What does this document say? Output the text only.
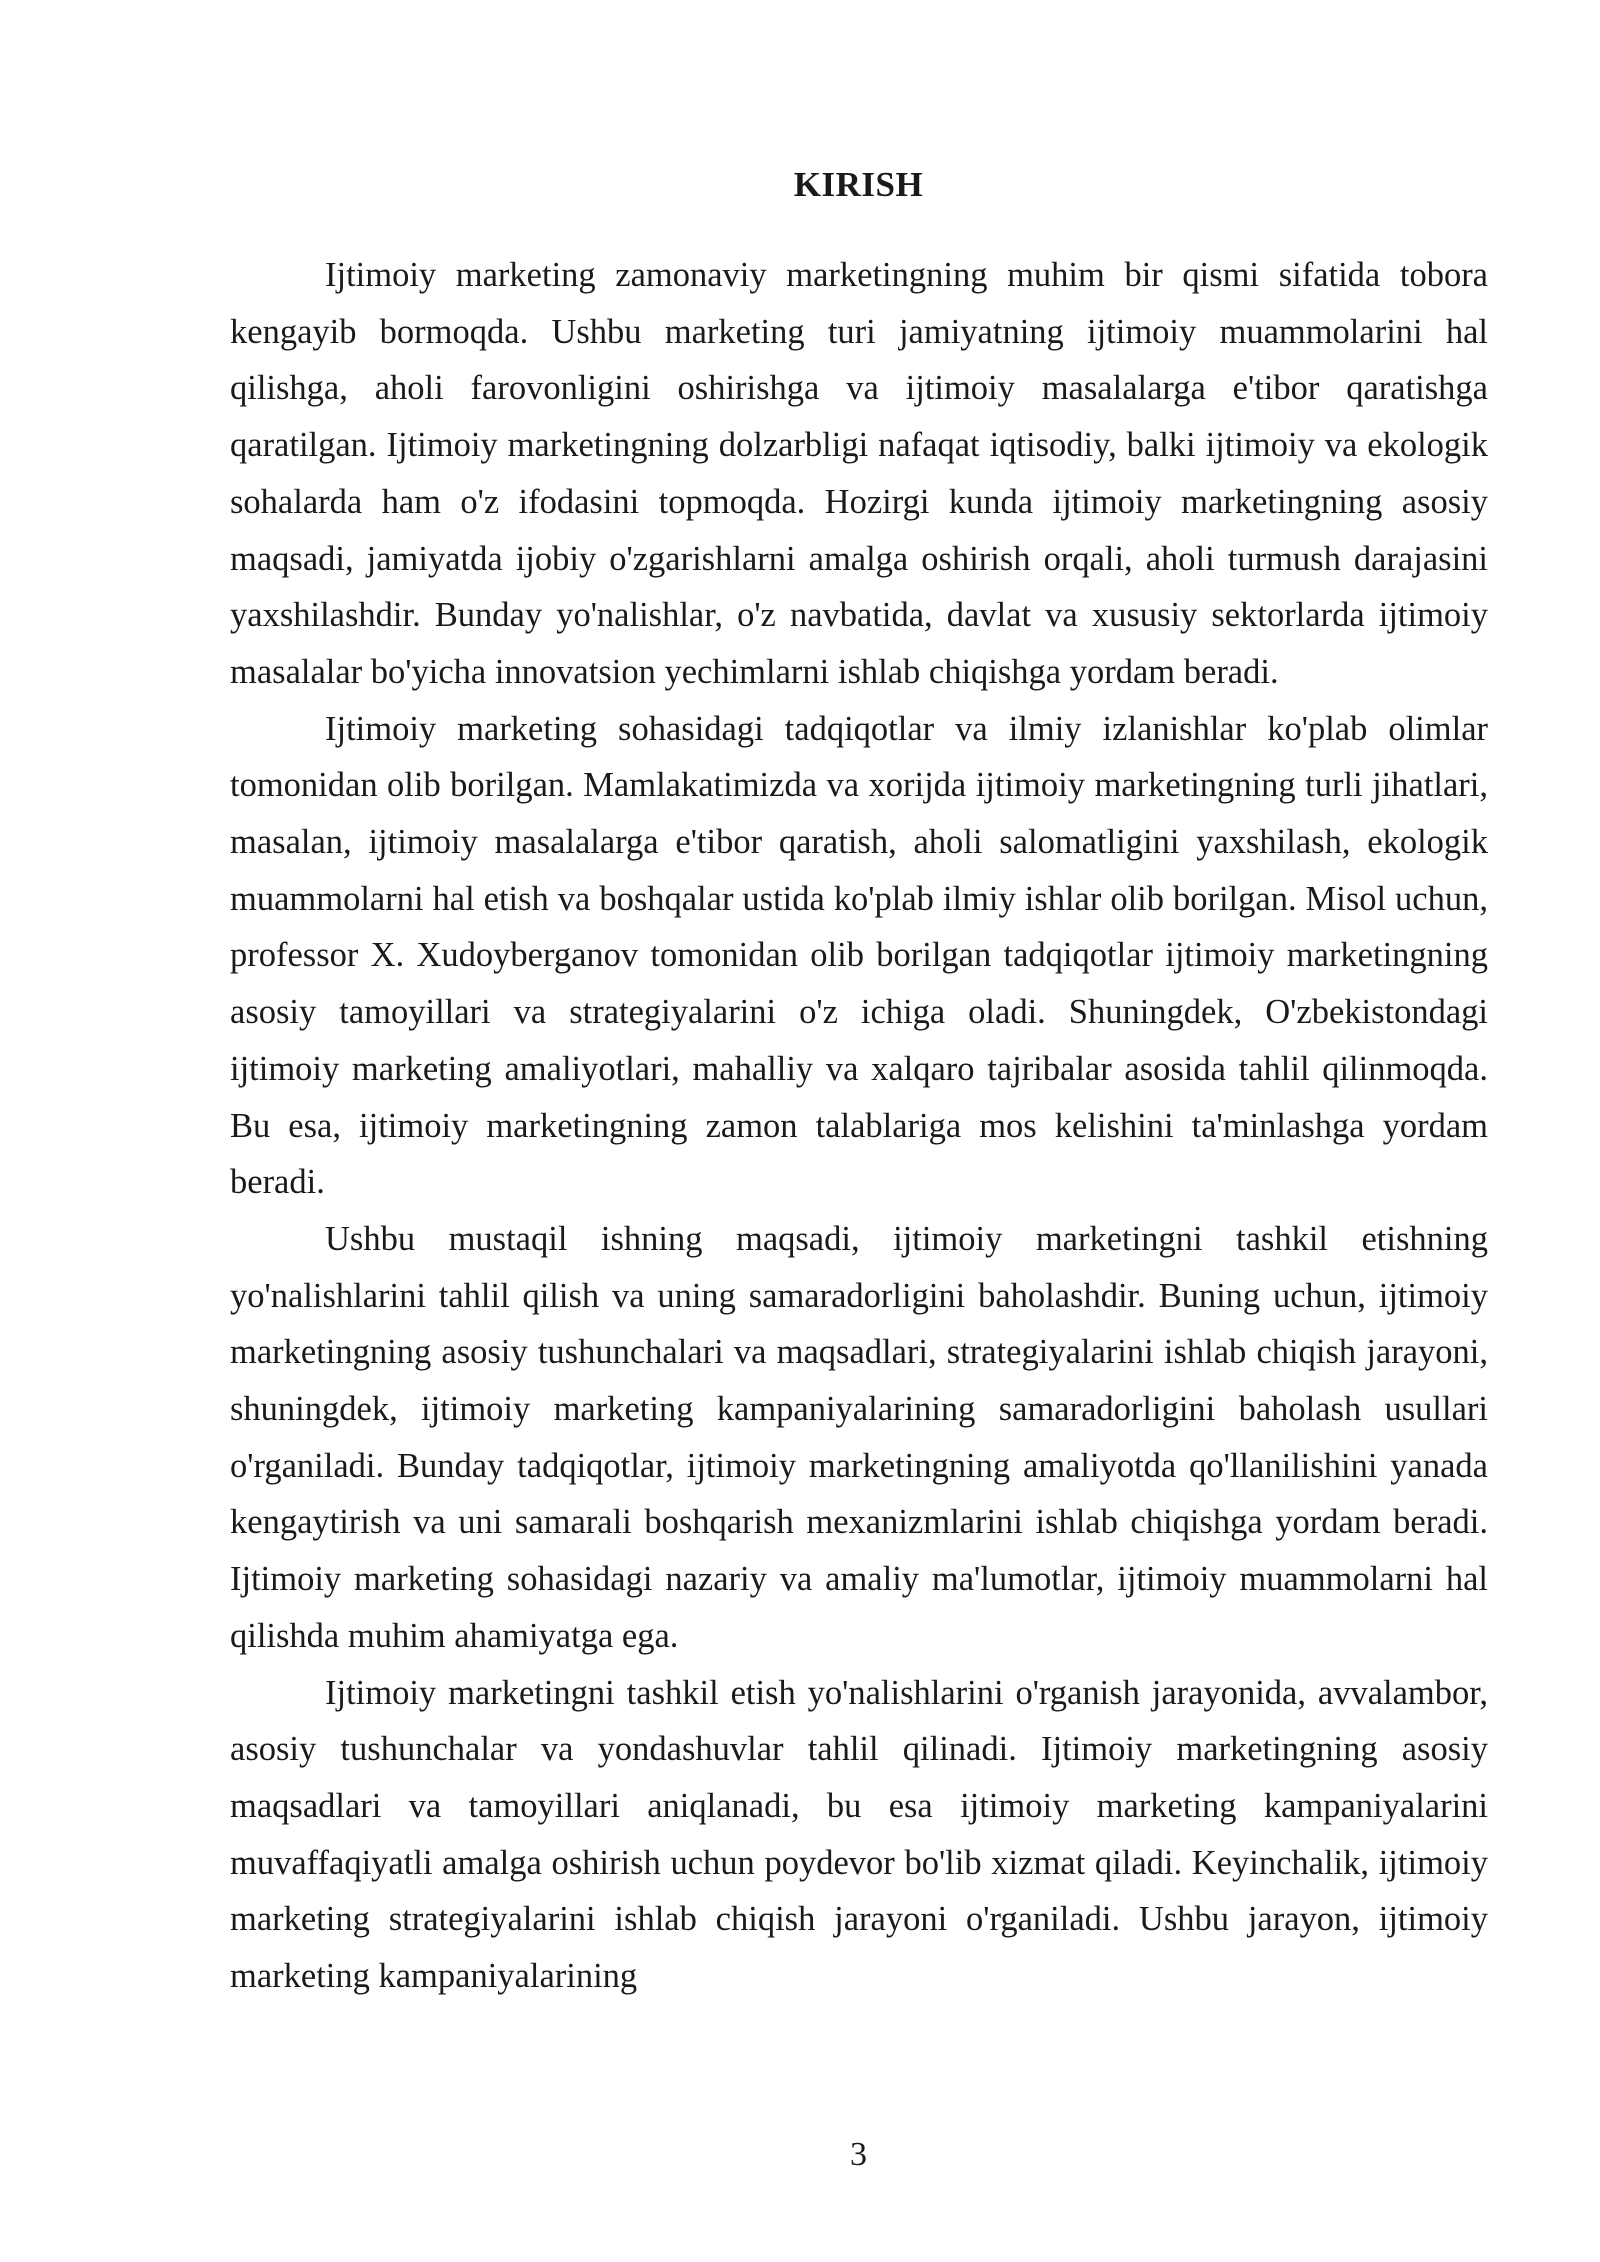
KIRISH

Ijtimoiy marketing zamonaviy marketingning muhim bir qismi sifatida tobora kengayib bormoqda. Ushbu marketing turi jamiyatning ijtimoiy muammolarini hal qilishga, aholi farovonligini oshirishga va ijtimoiy masalalarga e'tibor qaratishga qaratilgan. Ijtimoiy marketingning dolzarbligi nafaqat iqtisodiy, balki ijtimoiy va ekologik sohalarda ham o'z ifodasini topmoqda. Hozirgi kunda ijtimoiy marketingning asosiy maqsadi, jamiyatda ijobiy o'zgarishlarni amalga oshirish orqali, aholi turmush darajasini yaxshilashdir. Bunday yo'nalishlar, o'z navbatida, davlat va xususiy sektorlarda ijtimoiy masalalar bo'yicha innovatsion yechimlarni ishlab chiqishga yordam beradi.

Ijtimoiy marketing sohasidagi tadqiqotlar va ilmiy izlanishlar ko'plab olimlar tomonidan olib borilgan. Mamlakatimizda va xorijda ijtimoiy marketingning turli jihatlari, masalan, ijtimoiy masalalarga e'tibor qaratish, aholi salomatligini yaxshilash, ekologik muammolarni hal etish va boshqalar ustida ko'plab ilmiy ishlar olib borilgan. Misol uchun, professor X. Xudoyberganov tomonidan olib borilgan tadqiqotlar ijtimoiy marketingning asosiy tamoyillari va strategiyalarini o'z ichiga oladi. Shuningdek, O'zbekistondagi ijtimoiy marketing amaliyotlari, mahalliy va xalqaro tajribalar asosida tahlil qilinmoqda. Bu esa, ijtimoiy marketingning zamon talablariga mos kelishini ta'minlashga yordam beradi.

Ushbu mustaqil ishning maqsadi, ijtimoiy marketingni tashkil etishning yo'nalishlarini tahlil qilish va uning samaradorligini baholashdir. Buning uchun, ijtimoiy marketingning asosiy tushunchalari va maqsadlari, strategiyalarini ishlab chiqish jarayoni, shuningdek, ijtimoiy marketing kampaniyalarining samaradorligini baholash usullari o'rganiladi. Bunday tadqiqotlar, ijtimoiy marketingning amaliyotda qo'llanilishini yanada kengaytirish va uni samarali boshqarish mexanizmlarini ishlab chiqishga yordam beradi. Ijtimoiy marketing sohasidagi nazariy va amaliy ma'lumotlar, ijtimoiy muammolarni hal qilishda muhim ahamiyatga ega.

Ijtimoiy marketingni tashkil etish yo'nalishlarini o'rganish jarayonida, avvalambor, asosiy tushunchalar va yondashuvlar tahlil qilinadi. Ijtimoiy marketingning asosiy maqsadlari va tamoyillari aniqlanadi, bu esa ijtimoiy marketing kampaniyalarini muvaffaqiyatli amalga oshirish uchun poydevor bo'lib xizmat qiladi. Keyinchalik, ijtimoiy marketing strategiyalarini ishlab chiqish jarayoni o'rganiladi. Ushbu jarayon, ijtimoiy marketing kampaniyalarining

3
